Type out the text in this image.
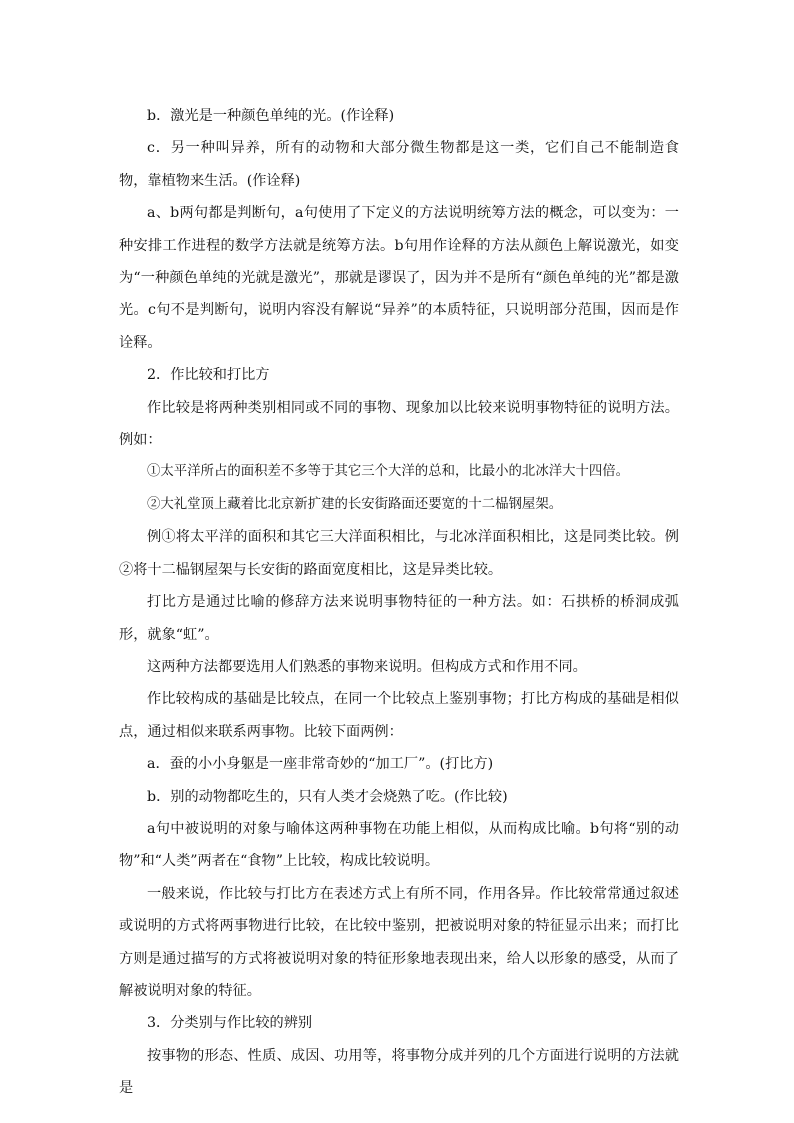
b．激光是一种颜色单纯的光。(作诠释)

c．另一种叫异养，所有的动物和大部分微生物都是这一类，它们自己不能制造食物，靠植物来生活。(作诠释)

a、b两句都是判断句，a句使用了下定义的方法说明统筹方法的概念，可以变为：一种安排工作进程的数学方法就是统筹方法。b句用作诠释的方法从颜色上解说激光，如变为“一种颜色单纯的光就是激光”，那就是谬误了，因为并不是所有“颜色单纯的光”都是激光。c句不是判断句，说明内容没有解说“异养”的本质特征，只说明部分范围，因而是作诠释。

2．作比较和打比方

作比较是将两种类别相同或不同的事物、现象加以比较来说明事物特征的说明方法。例如：

①太平洋所占的面积差不多等于其它三个大洋的总和，比最小的北冰洋大十四倍。

②大礼堂顶上藏着比北京新扩建的长安街路面还要宽的十二榀钢屋架。

例①将太平洋的面积和其它三大洋面积相比，与北冰洋面积相比，这是同类比较。例②将十二榀钢屋架与长安街的路面宽度相比，这是异类比较。

打比方是通过比喻的修辞方法来说明事物特征的一种方法。如：石拱桥的桥洞成弧形，就象“虹”。

这两种方法都要选用人们熟悉的事物来说明。但构成方式和作用不同。

作比较构成的基础是比较点，在同一个比较点上鉴别事物；打比方构成的基础是相似点，通过相似来联系两事物。比较下面两例：

a．蚕的小小身躯是一座非常奇妙的“加工厂”。(打比方)

b．别的动物都吃生的，只有人类才会烧熟了吃。(作比较)

a句中被说明的对象与喻体这两种事物在功能上相似，从而构成比喻。b句将“别的动物”和“人类”两者在“食物”上比较，构成比较说明。

一般来说，作比较与打比方在表述方式上有所不同，作用各异。作比较常常通过叙述或说明的方式将两事物进行比较，在比较中鉴别，把被说明对象的特征显示出来；而打比方则是通过描写的方式将被说明对象的特征形象地表现出来，给人以形象的感受，从而了解被说明对象的特征。

3．分类别与作比较的辨别

按事物的形态、性质、成因、功用等，将事物分成并列的几个方面进行说明的方法就是
